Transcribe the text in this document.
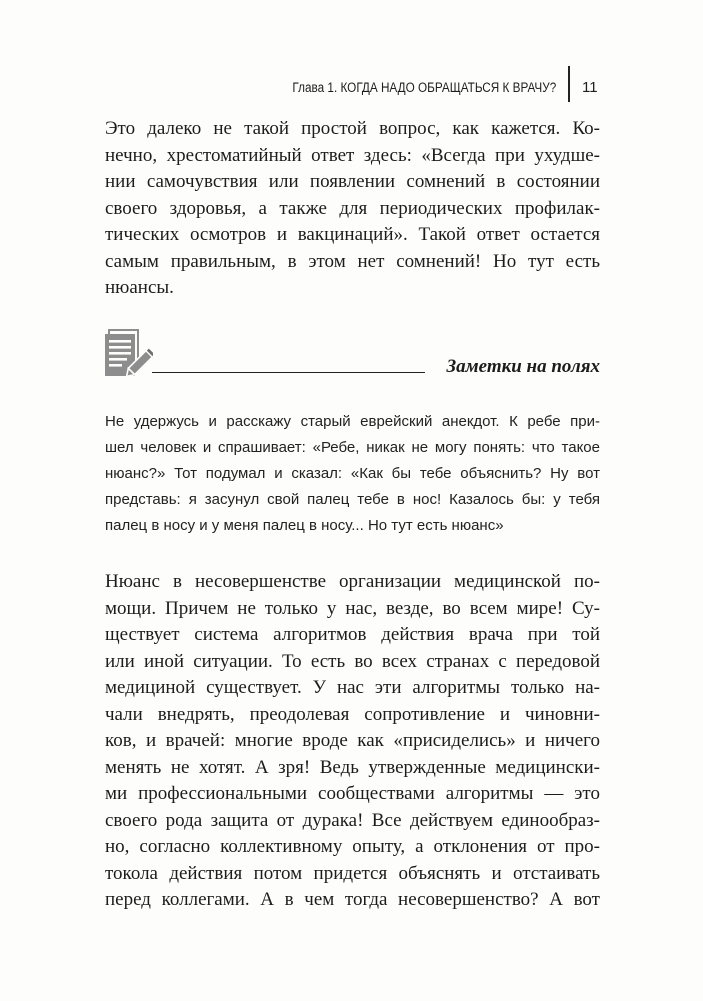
Глава 1. КОГДА НАДО ОБРАЩАТЬСЯ К ВРАЧУ? 11
Это далеко не такой простой вопрос, как кажется. Ко-
нечно, хрестоматийный ответ здесь: «Всегда при ухудше-
нии самочувствия или появлении сомнений в состоянии
своего здоровья, а также для периодических профилак-
тических осмотров и вакцинаций». Такой ответ остается
самым правильным, в этом нет сомнений! Но тут есть
нюансы.
Заметки на полях
Не удержусь и расскажу старый еврейский анекдот. К ребе при-
шел человек и спрашивает: «Ребе, никак не могу понять: что такое
нюанс?» Тот подумал и сказал: «Как бы тебе объяснить? Ну вот
представь: я засунул свой палец тебе в нос! Казалось бы: у тебя
палец в носу и у меня палец в носу... Но тут есть нюанс»
Нюанс в несовершенстве организации медицинской по-
мощи. Причем не только у нас, везде, во всем мире! Су-
ществует система алгоритмов действия врача при той
или иной ситуации. То есть во всех странах с передовой
медициной существует. У нас эти алгоритмы только на-
чали внедрять, преодолевая сопротивление и чиновни-
ков, и врачей: многие вроде как «присиделись» и ничего
менять не хотят. А зря! Ведь утвержденные медицински-
ми профессиональными сообществами алгоритмы — это
своего рода защита от дурака! Все действуем единообраз-
но, согласно коллективному опыту, а отклонения от про-
токола действия потом придется объяснять и отстаивать
перед коллегами. А в чем тогда несовершенство? А вот
